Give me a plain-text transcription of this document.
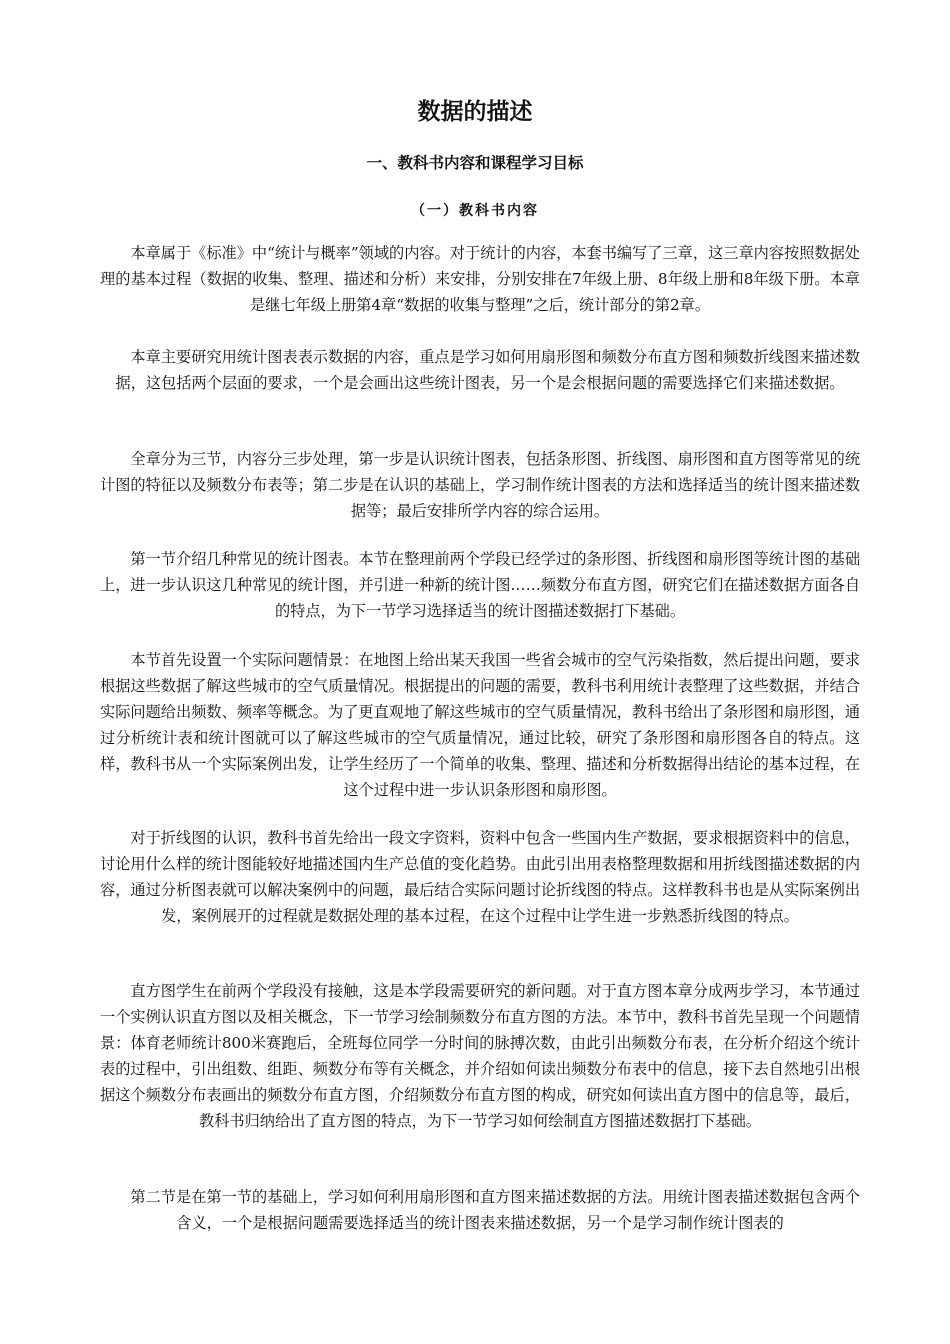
数据的描述
一、教科书内容和课程学习目标
（一）教科书内容

本章属于《标准》中“统计与概率”领域的内容。对于统计的内容，本套书编写了三章，这三章内容按照数据处理的基本过程（数据的收集、整理、描述和分析）来安排，分别安排在7年级上册、8年级上册和8年级下册。本章是继七年级上册第4章“数据的收集与整理”之后，统计部分的第2章。

本章主要研究用统计图表表示数据的内容，重点是学习如何用扇形图和频数分布直方图和频数折线图来描述数据，这包括两个层面的要求，一个是会画出这些统计图表，另一个是会根据问题的需要选择它们来描述数据。

全章分为三节，内容分三步处理，第一步是认识统计图表，包括条形图、折线图、扇形图和直方图等常见的统计图的特征以及频数分布表等；第二步是在认识的基础上，学习制作统计图表的方法和选择适当的统计图来描述数据等；最后安排所学内容的综合运用。

第一节介绍几种常见的统计图表。本节在整理前两个学段已经学过的条形图、折线图和扇形图等统计图的基础上，进一步认识这几种常见的统计图，并引进一种新的统计图……频数分布直方图，研究它们在描述数据方面各自的特点，为下一节学习选择适当的统计图描述数据打下基础。

本节首先设置一个实际问题情景：在地图上给出某天我国一些省会城市的空气污染指数，然后提出问题，要求根据这些数据了解这些城市的空气质量情况。根据提出的问题的需要，教科书利用统计表整理了这些数据，并结合实际问题给出频数、频率等概念。为了更直观地了解这些城市的空气质量情况，教科书给出了条形图和扇形图，通过分析统计表和统计图就可以了解这些城市的空气质量情况，通过比较，研究了条形图和扇形图各自的特点。这样，教科书从一个实际案例出发，让学生经历了一个简单的收集、整理、描述和分析数据得出结论的基本过程，在这个过程中进一步认识条形图和扇形图。

对于折线图的认识，教科书首先给出一段文字资料，资料中包含一些国内生产数据，要求根据资料中的信息，讨论用什么样的统计图能较好地描述国内生产总值的变化趋势。由此引出用表格整理数据和用折线图描述数据的内容，通过分析图表就可以解决案例中的问题，最后结合实际问题讨论折线图的特点。这样教科书也是从实际案例出发，案例展开的过程就是数据处理的基本过程，在这个过程中让学生进一步熟悉折线图的特点。

直方图学生在前两个学段没有接触，这是本学段需要研究的新问题。对于直方图本章分成两步学习，本节通过一个实例认识直方图以及相关概念，下一节学习绘制频数分布直方图的方法。本节中，教科书首先呈现一个问题情景：体育老师统计800米赛跑后，全班每位同学一分时间的脉搏次数，由此引出频数分布表，在分析介绍这个统计表的过程中，引出组数、组距、频数分布等有关概念，并介绍如何读出频数分布表中的信息，接下去自然地引出根据这个频数分布表画出的频数分布直方图，介绍频数分布直方图的构成，研究如何读出直方图中的信息等，最后，教科书归纳给出了直方图的特点，为下一节学习如何绘制直方图描述数据打下基础。

第二节是在第一节的基础上，学习如何利用扇形图和直方图来描述数据的方法。用统计图表描述数据包含两个含义，一个是根据问题需要选择适当的统计图表来描述数据，另一个是学习制作统计图表的
